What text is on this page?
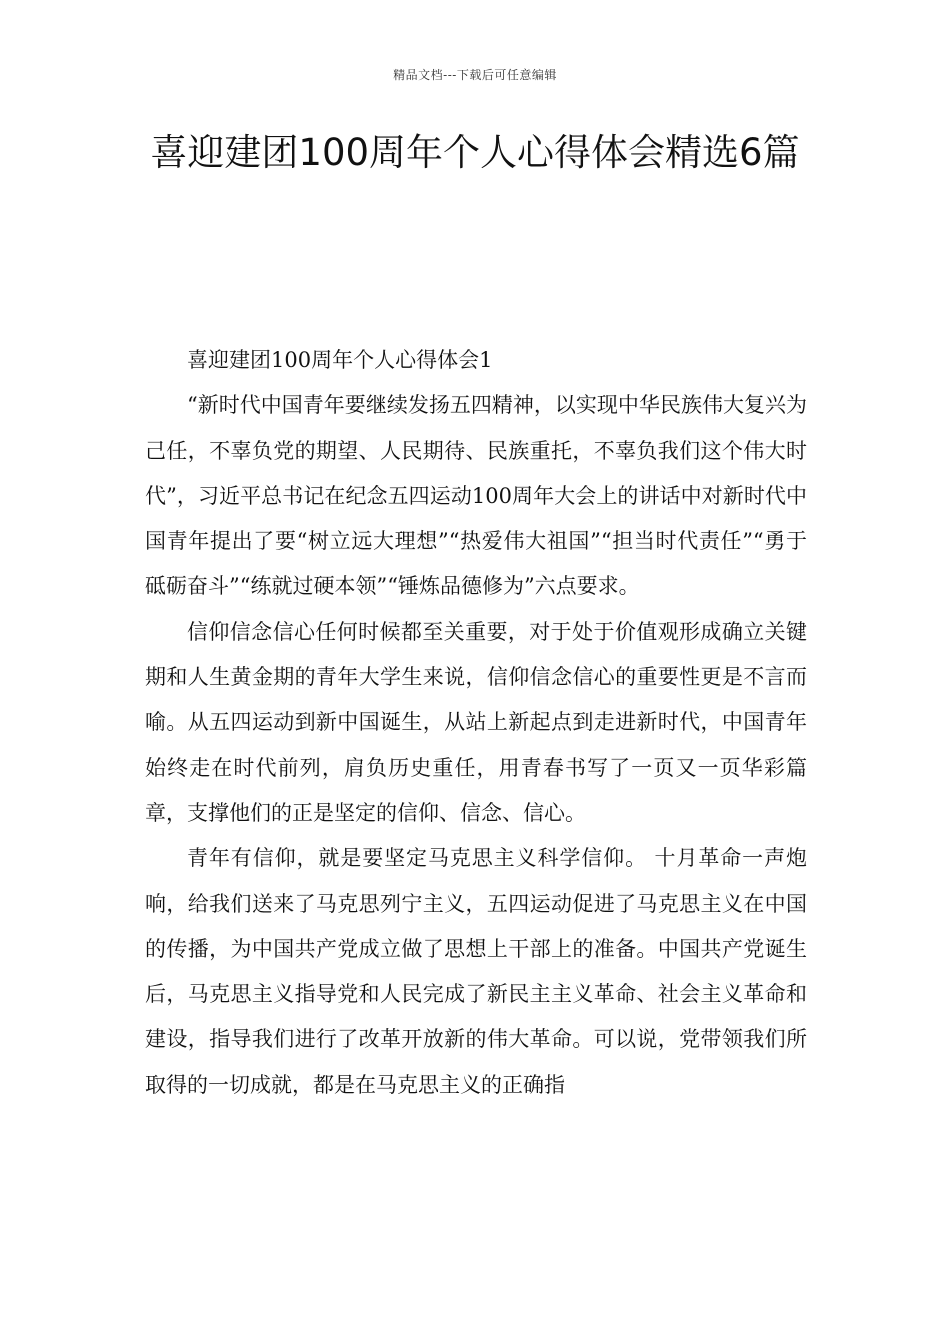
精品文档---下载后可任意编辑
喜迎建团100周年个人心得体会精选6篇

喜迎建团100周年个人心得体会1

“新时代中国青年要继续发扬五四精神，以实现中华民族伟大复兴为己任，不辜负党的期望、人民期待、民族重托，不辜负我们这个伟大时代”，习近平总书记在纪念五四运动100周年大会上的讲话中对新时代中国青年提出了要“树立远大理想”“热爱伟大祖国”“担当时代责任”“勇于砥砺奋斗”“练就过硬本领”“锤炼品德修为”六点要求。

信仰信念信心任何时候都至关重要，对于处于价值观形成确立关键期和人生黄金期的青年大学生来说，信仰信念信心的重要性更是不言而喻。从五四运动到新中国诞生，从站上新起点到走进新时代，中国青年始终走在时代前列，肩负历史重任，用青春书写了一页又一页华彩篇章，支撑他们的正是坚定的信仰、信念、信心。

青年有信仰，就是要坚定马克思主义科学信仰。 十月革命一声炮响，给我们送来了马克思列宁主义，五四运动促进了马克思主义在中国的传播，为中国共产党成立做了思想上干部上的准备。中国共产党诞生后，马克思主义指导党和人民完成了新民主主义革命、社会主义革命和建设，指导我们进行了改革开放新的伟大革命。可以说，党带领我们所取得的一切成就，都是在马克思主义的正确指
